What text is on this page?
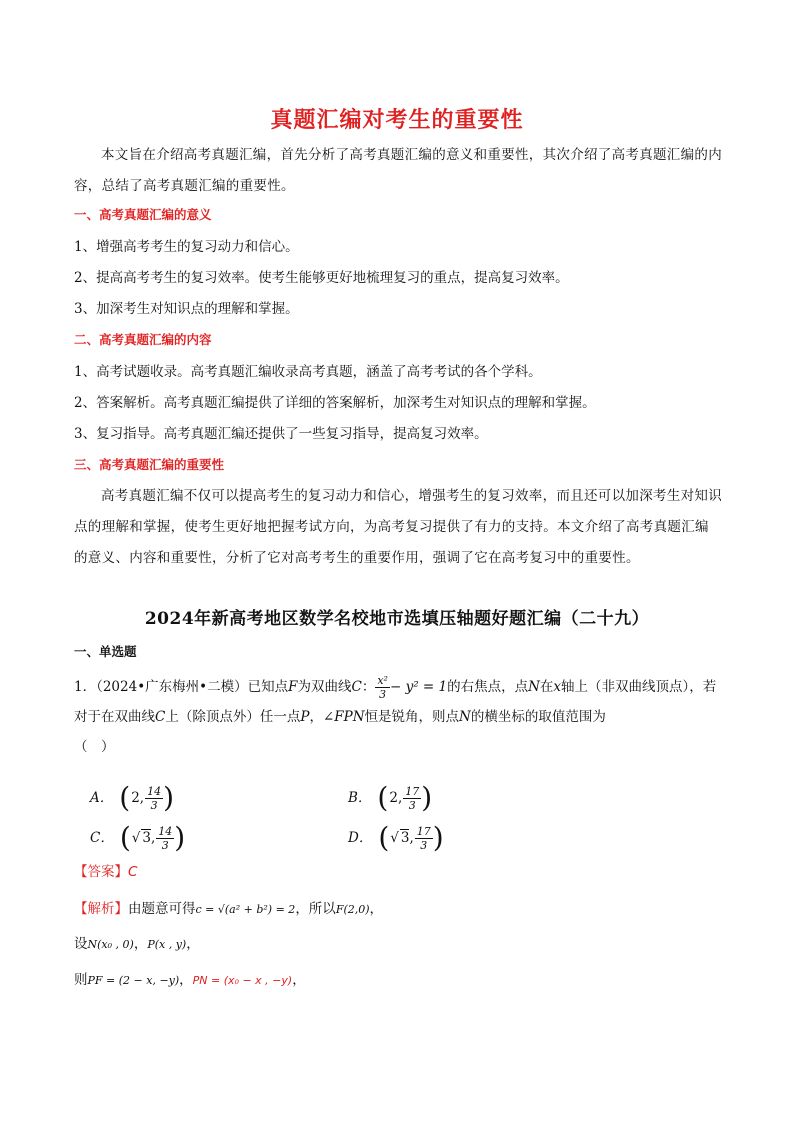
真题汇编对考生的重要性
本文旨在介绍高考真题汇编，首先分析了高考真题汇编的意义和重要性，其次介绍了高考真题汇编的内容，总结了高考真题汇编的重要性。
一、高考真题汇编的意义
1、增强高考考生的复习动力和信心。
2、提高高考考生的复习效率。使考生能够更好地梳理复习的重点，提高复习效率。
3、加深考生对知识点的理解和掌握。
二、高考真题汇编的内容
1、高考试题收录。高考真题汇编收录高考真题，涵盖了高考考试的各个学科。
2、答案解析。高考真题汇编提供了详细的答案解析，加深考生对知识点的理解和掌握。
3、复习指导。高考真题汇编还提供了一些复习指导，提高复习效率。
三、高考真题汇编的重要性
高考真题汇编不仅可以提高考生的复习动力和信心，增强考生的复习效率，而且还可以加深考生对知识点的理解和掌握，使考生更好地把握考试方向，为高考复习提供了有力的支持。本文介绍了高考真题汇编的意义、内容和重要性，分析了它对高考考生的重要作用，强调了它在高考复习中的重要性。
2024年新高考地区数学名校地市选填压轴题好题汇编（二十九）
一、单选题
1．（2024•广东梅州•二模）已知点F为双曲线C： $\frac{\text{x²}}{3} - y^2 = 1$的右焦点，点N在x轴上（非双曲线顶点），若对于在双曲线C上（除顶点外）任一点P，∠FPN恒是锐角，则点N的横坐标的取值范围为
（　）
A． ( 2, $\frac{14}{3}$ )	B． ( 2, $\frac{17}{3}$ )
C． ( √ 3, $\frac{14}{3}$ )	D． ( √ 3, $\frac{17}{3}$ )
【答案】C
【解析】由题意可得c = √(a² + b²) = 2，所以F(2,0)，
设N(x₀ , 0)，P(x , y)，
则PF = (2 − x, −y)，PN = (x₀ − x , −y)，
